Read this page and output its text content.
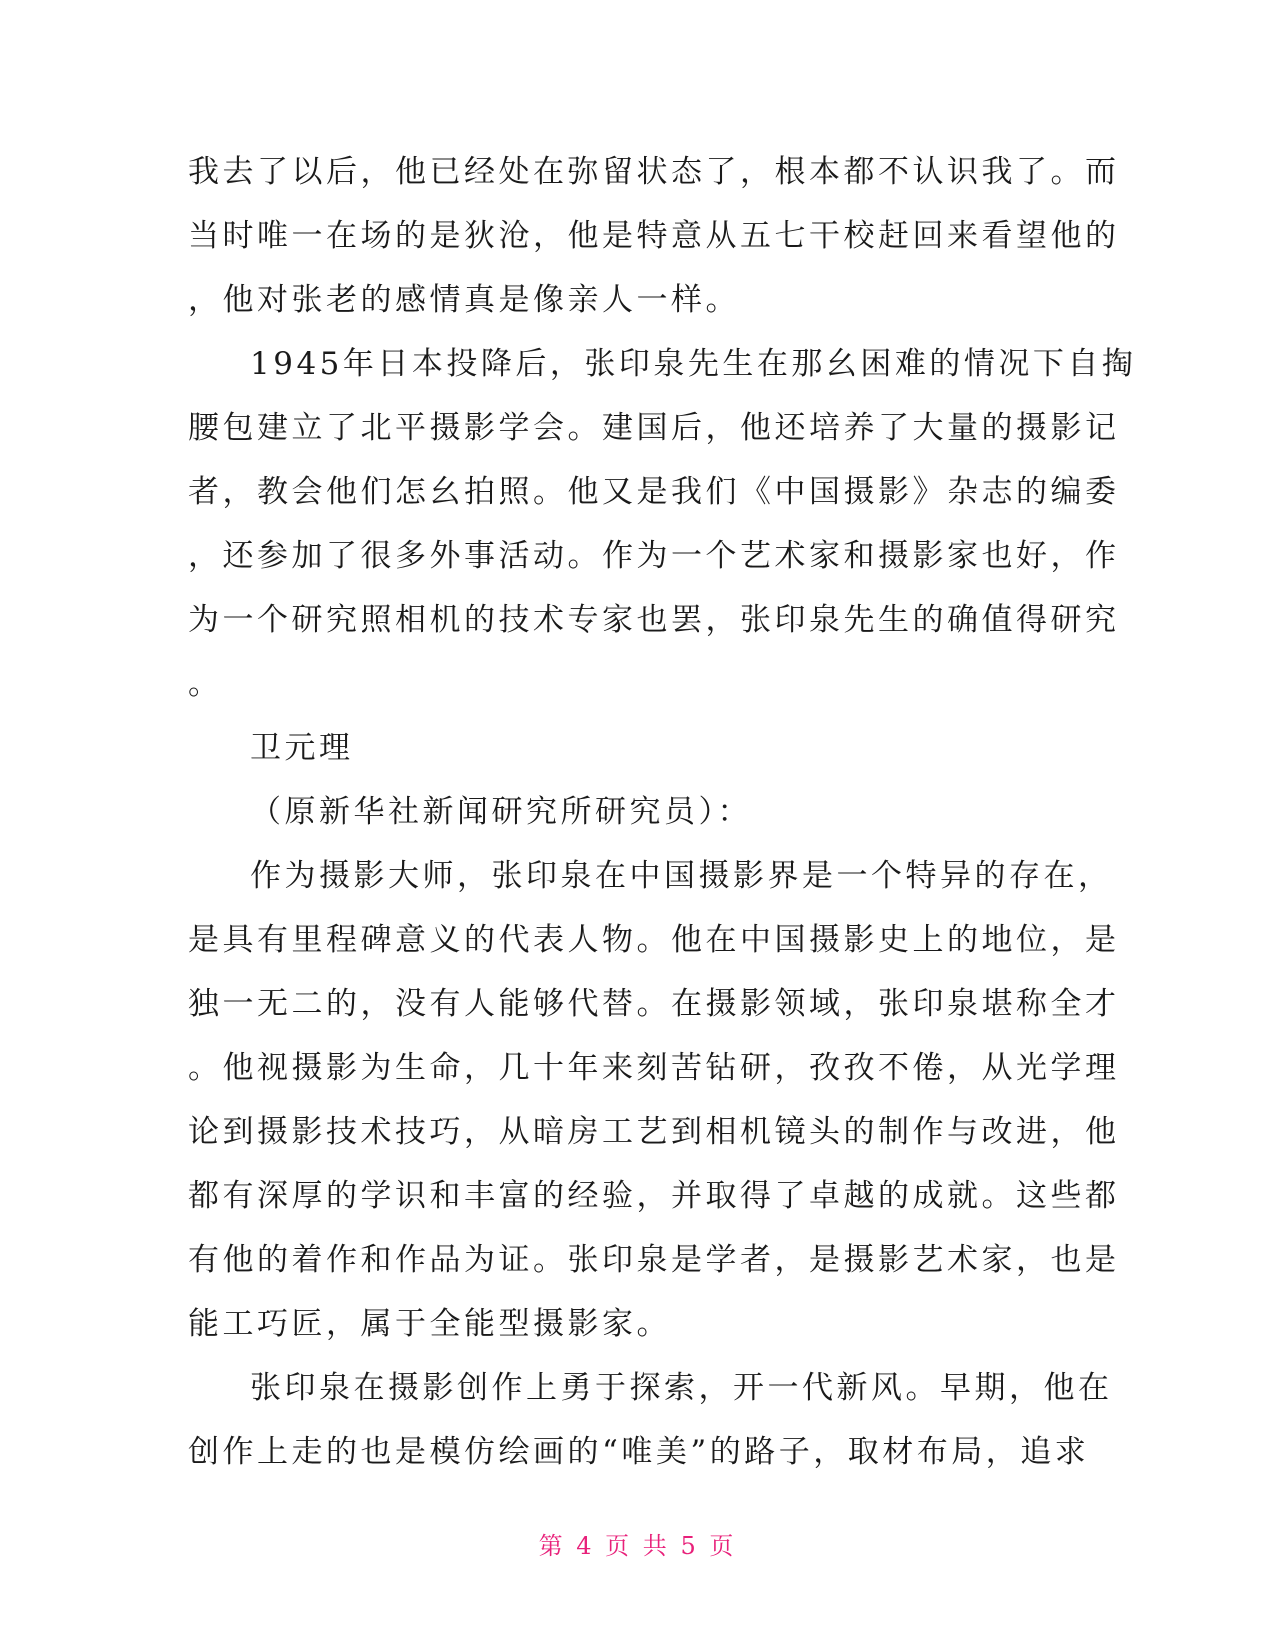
我去了以后，他已经处在弥留状态了，根本都不认识我了。而
当时唯一在场的是狄沧，他是特意从五七干校赶回来看望他的
，他对张老的感情真是像亲人一样。
1945年日本投降后，张印泉先生在那幺困难的情况下自掏
腰包建立了北平摄影学会。建国后，他还培养了大量的摄影记
者，教会他们怎幺拍照。他又是我们《中国摄影》杂志的编委
，还参加了很多外事活动。作为一个艺术家和摄影家也好，作
为一个研究照相机的技术专家也罢，张印泉先生的确值得研究
。
卫元理
（原新华社新闻研究所研究员）：
作为摄影大师，张印泉在中国摄影界是一个特异的存在，
是具有里程碑意义的代表人物。他在中国摄影史上的地位，是
独一无二的，没有人能够代替。在摄影领域，张印泉堪称全才
。他视摄影为生命，几十年来刻苦钻研，孜孜不倦，从光学理
论到摄影技术技巧，从暗房工艺到相机镜头的制作与改进，他
都有深厚的学识和丰富的经验，并取得了卓越的成就。这些都
有他的着作和作品为证。张印泉是学者，是摄影艺术家，也是
能工巧匠，属于全能型摄影家。
张印泉在摄影创作上勇于探索，开一代新风。早期，他在
创作上走的也是模仿绘画的“唯美”的路子，取材布局，追求
第 4 页 共 5 页
